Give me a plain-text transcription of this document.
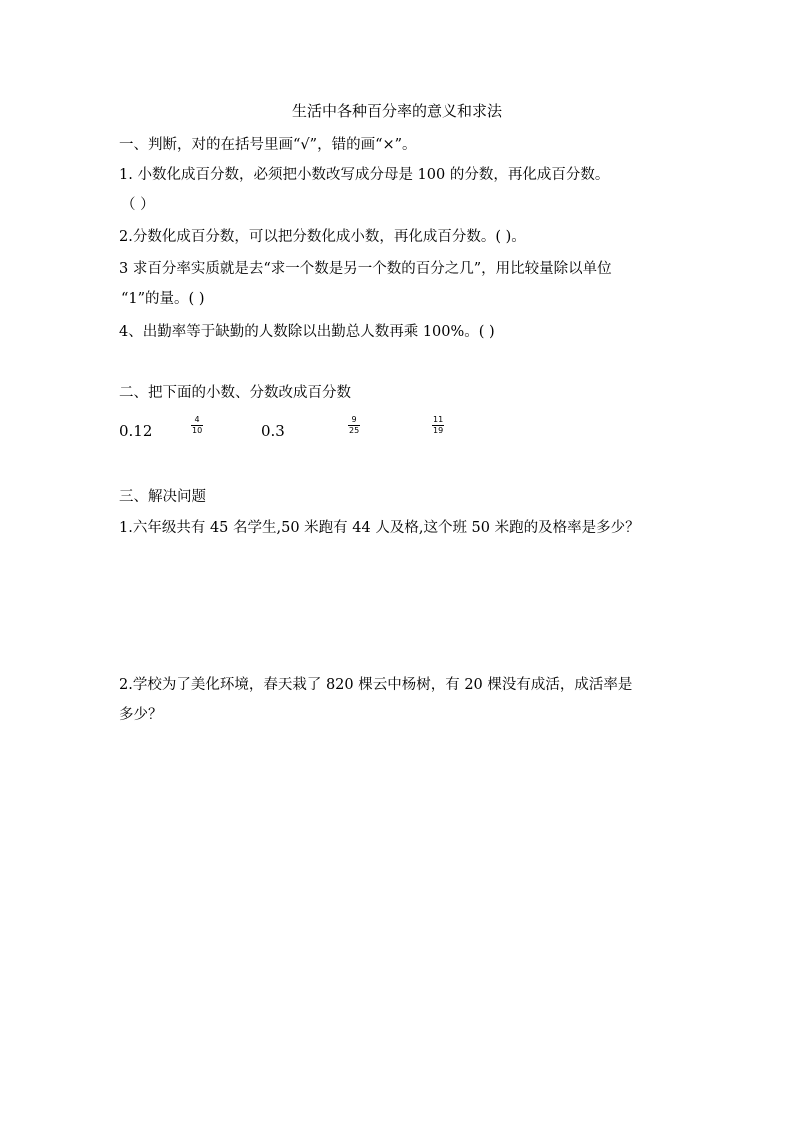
生活中各种百分率的意义和求法
一、判断，对的在括号里画“√”，错的画“×”。
1. 小数化成百分数，必须把小数改写成分母是 100 的分数，再化成百分数。
（ ）
2.分数化成百分数，可以把分数化成小数，再化成百分数。( )。
3 求百分率实质就是去“求一个数是另一个数的百分之几”，用比较量除以单位
“1”的量。( )
4、出勤率等于缺勤的人数除以出勤总人数再乘 100%。( )
二、把下面的小数、分数改成百分数
0.12
4
10	0.3
9
25
11
19
三、解决问题
1.六年级共有 45 名学生,50 米跑有 44 人及格,这个班 50 米跑的及格率是多少？
2.学校为了美化环境，春天栽了 820 棵云中杨树，有 20 棵没有成活，成活率是
多少？
